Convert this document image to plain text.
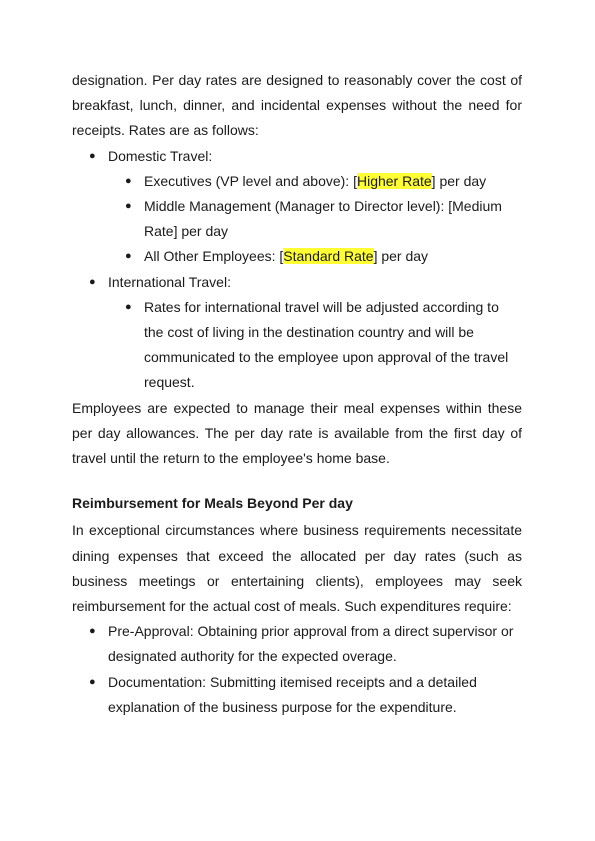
designation. Per day rates are designed to reasonably cover the cost of breakfast, lunch, dinner, and incidental expenses without the need for receipts. Rates are as follows:

● Domestic Travel:
● Executives (VP level and above): [Higher Rate] per day
● Middle Management (Manager to Director level): [Medium Rate] per day
● All Other Employees: [Standard Rate] per day
● International Travel:
● Rates for international travel will be adjusted according to the cost of living in the destination country and will be communicated to the employee upon approval of the travel request.

Employees are expected to manage their meal expenses within these per day allowances. The per day rate is available from the first day of travel until the return to the employee's home base.

Reimbursement for Meals Beyond Per day

In exceptional circumstances where business requirements necessitate dining expenses that exceed the allocated per day rates (such as business meetings or entertaining clients), employees may seek reimbursement for the actual cost of meals. Such expenditures require:

● Pre-Approval: Obtaining prior approval from a direct supervisor or designated authority for the expected overage.
● Documentation: Submitting itemised receipts and a detailed explanation of the business purpose for the expenditure.
